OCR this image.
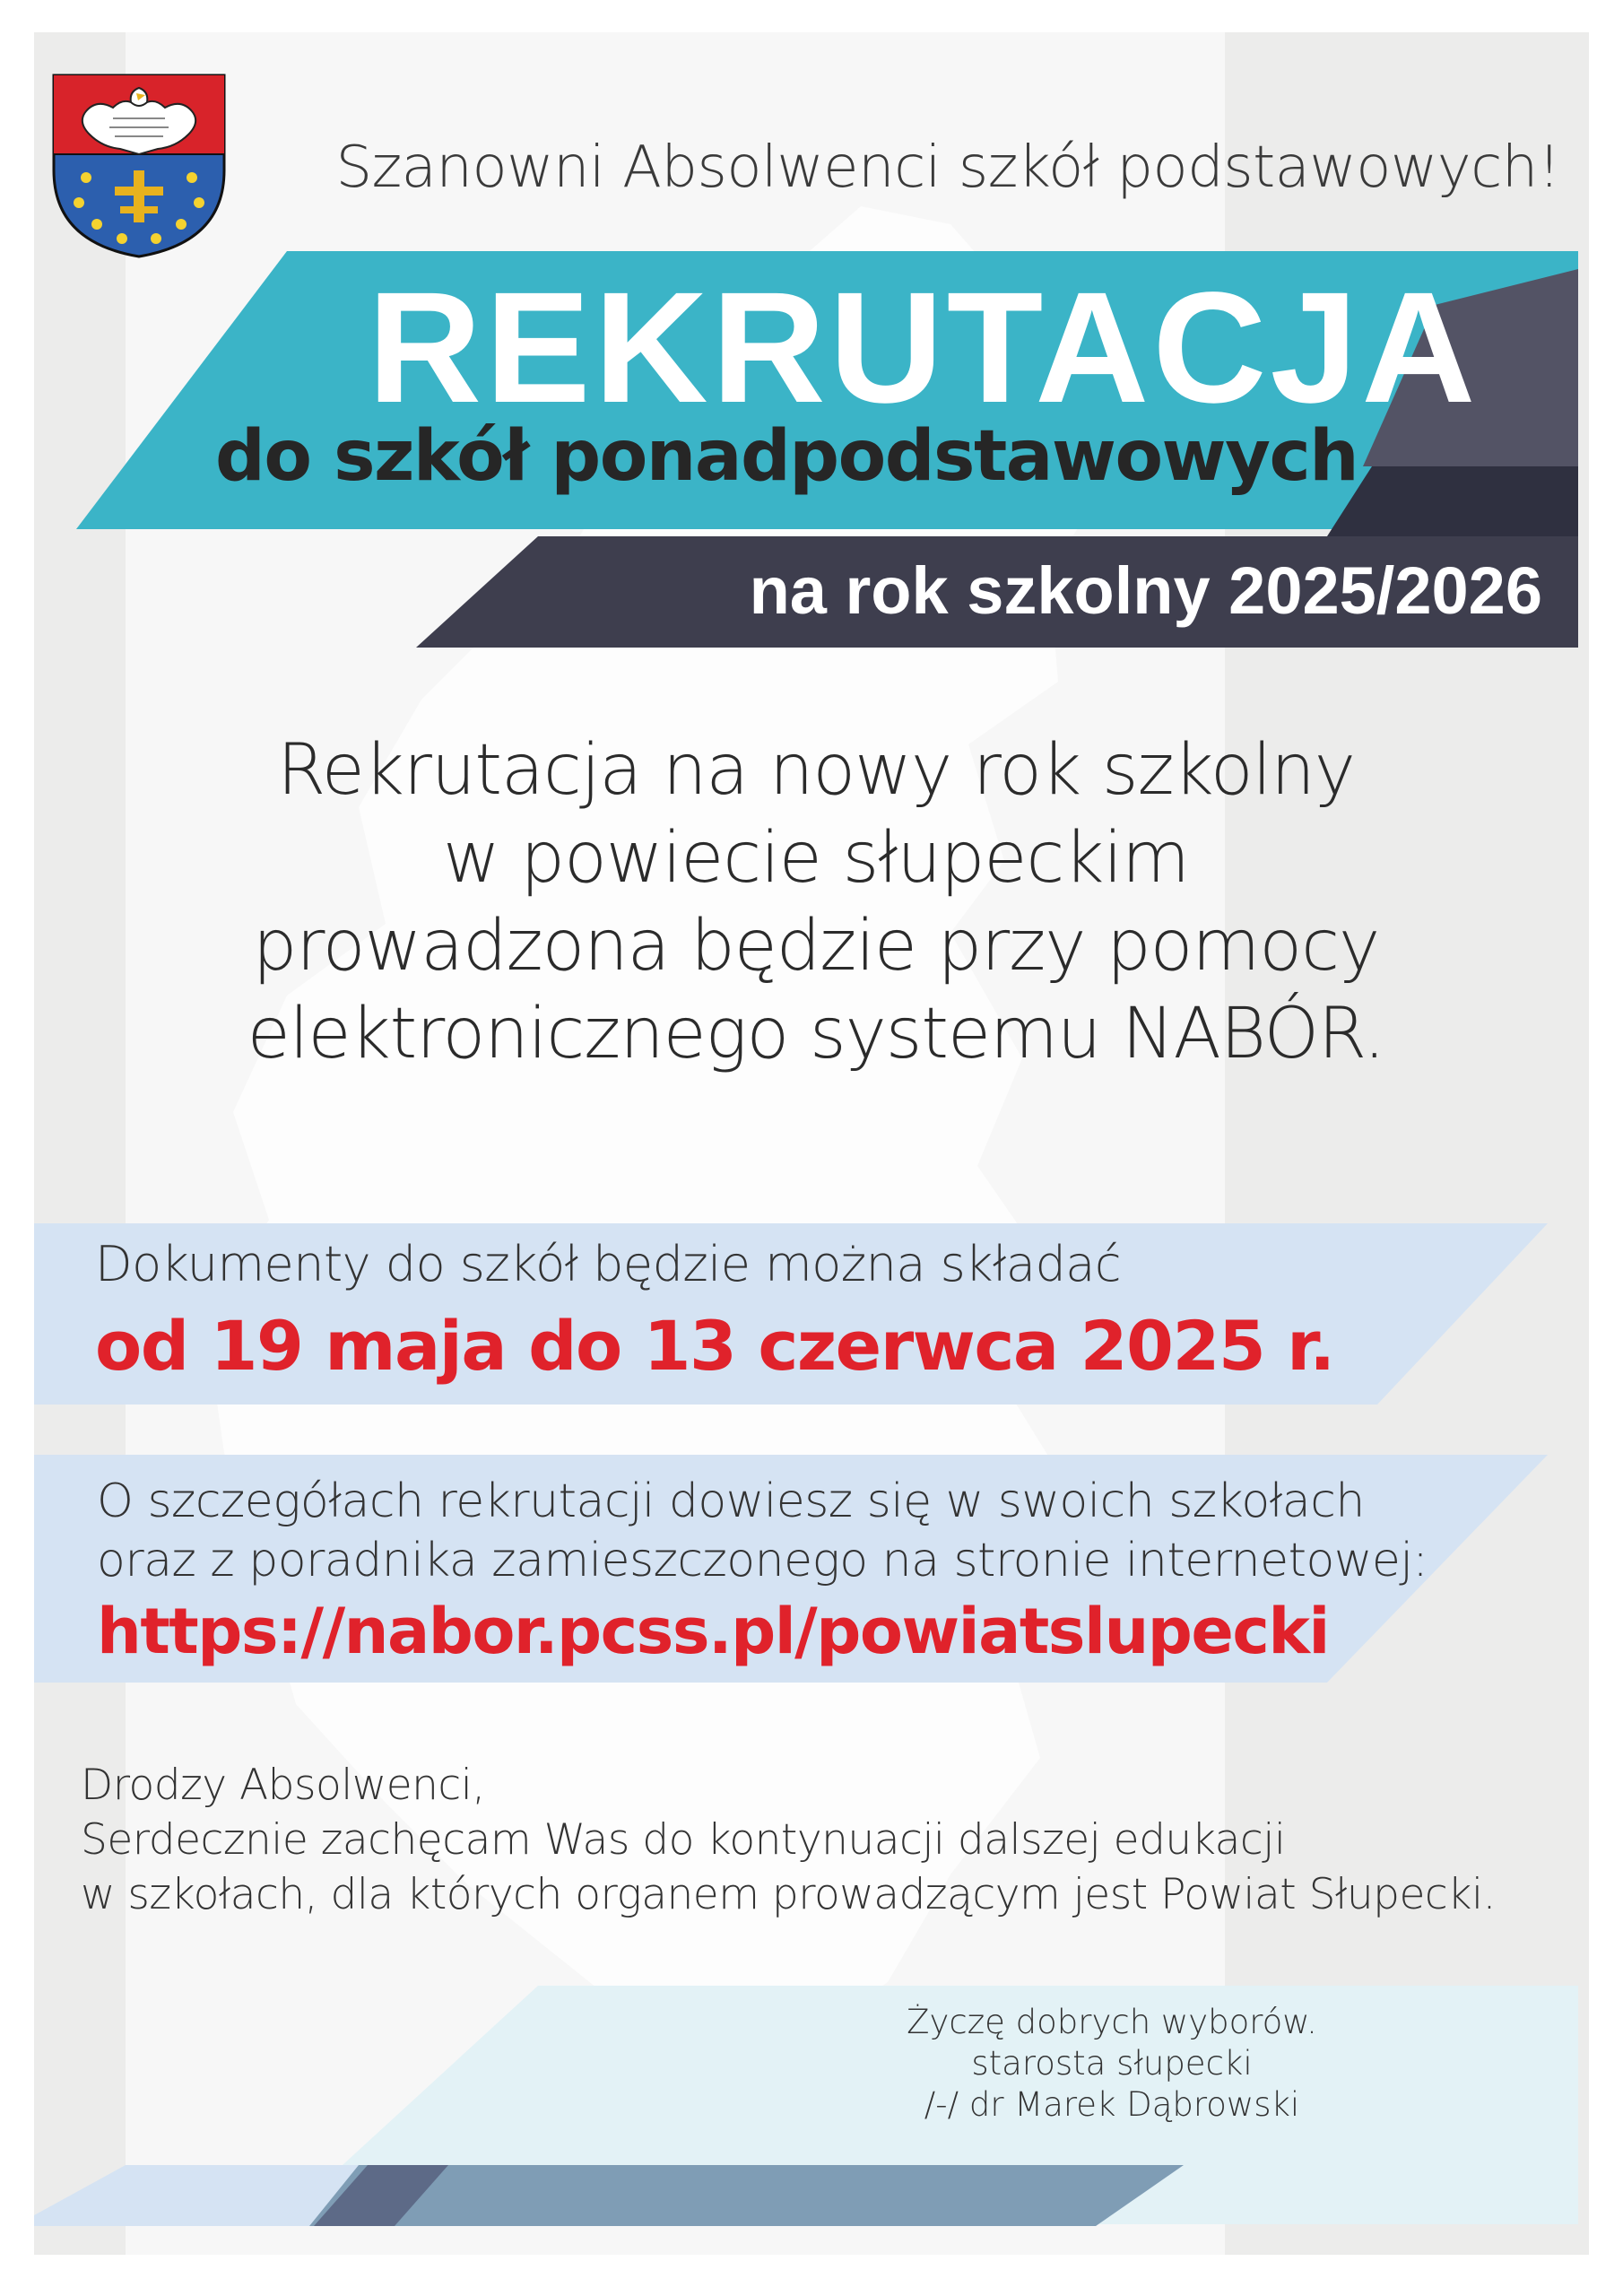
Szanowni Absolwenci szkół podstawowych!
REKRUTACJA
do szkół ponadpodstawowych
na rok szkolny 2025/2026
Rekrutacja na nowy rok szkolny
w powiecie słupeckim
prowadzona będzie przy pomocy
elektronicznego systemu NABÓR.
Dokumenty do szkół będzie można składać
od 19 maja do 13 czerwca 2025 r.
O szczegółach rekrutacji dowiesz się w swoich szkołach
oraz z poradnika zamieszczonego na stronie internetowej:
https://nabor.pcss.pl/powiatslupecki
Drodzy Absolwenci,
Serdecznie zachęcam Was do kontynuacji dalszej edukacji
w szkołach, dla których organem prowadzącym jest Powiat Słupecki.
Życzę dobrych wyborów.
starosta słupecki
/-/ dr Marek Dąbrowski
